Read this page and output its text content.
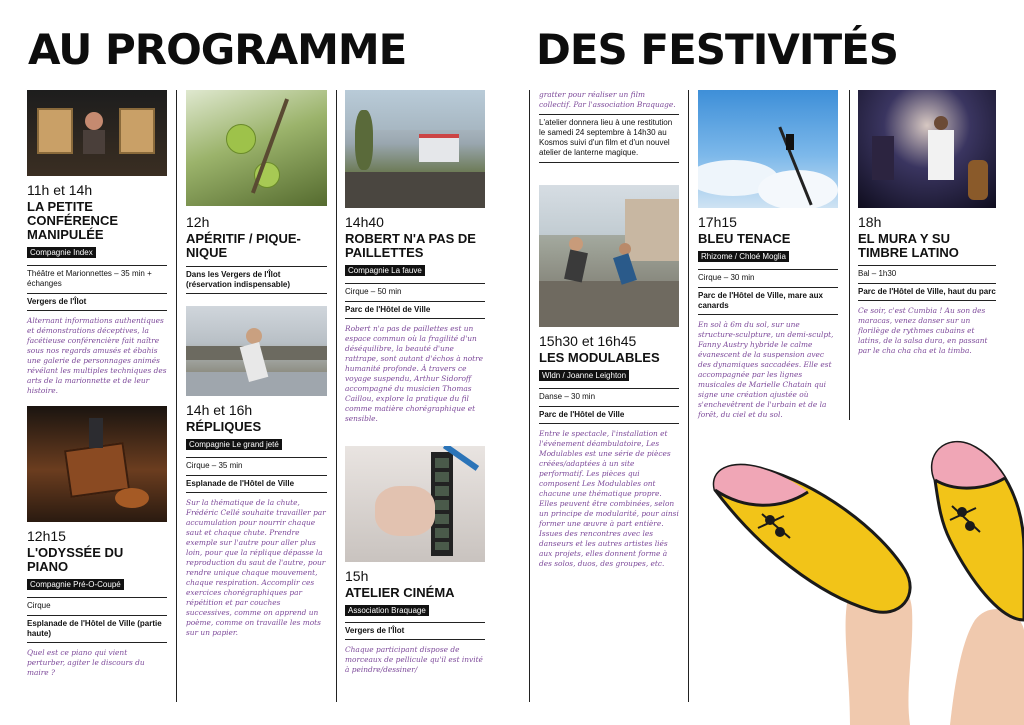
AU PROGRAMME	DES FESTIVITÉS
11h et 14h
LA PETITE CONFÉRENCE MANIPULÉE
Compagnie Index
Théâtre et Marionnettes – 35 min + échanges
Vergers de l'Îlot
Alternant informations authentiques et démonstrations déceptives, la facétieuse conférencière fait naître sous nos regards amusés et ébahis une galerie de personnages animés révélant les multiples techniques des arts de la marionnette et de leur histoire.
12h15
L'ODYSSÉE DU PIANO
Compagnie Pré-O-Coupé
Cirque
Esplanade de l'Hôtel de Ville (partie haute)
Quel est ce piano qui vient perturber, agiter le discours du maire ?
12h
APÉRITIF / PIQUE-NIQUE
Dans les Vergers de l'Îlot (réservation indispensable)
14h et 16h
RÉPLIQUES
Compagnie Le grand jeté
Cirque – 35 min
Esplanade de l'Hôtel de Ville
Sur la thématique de la chute, Frédéric Cellé souhaite travailler par accumulation pour nourrir chaque saut et chaque chute. Prendre exemple sur l'autre pour aller plus loin, pour que la réplique dépasse la reproduction du saut de l'autre, pour rendre unique chaque mouvement, chaque respiration. Accomplir ces exercices chorégraphiques par répétition et par couches successives, comme on apprend un poème, comme on travaille les mots sur un papier.
14h40
ROBERT N'A PAS DE PAILLETTES
Compagnie La fauve
Cirque – 50 min
Parc de l'Hôtel de Ville
Robert n'a pas de paillettes est un espace commun où la fragilité d'un déséquilibre, la beauté d'une rattrape, sont autant d'échos à notre humanité profonde. À travers ce voyage suspendu, Arthur Sidoroff accompagné du musicien Thomas Caillou, explore la pratique du fil comme matière chorégraphique et sensible.
15h
ATELIER CINÉMA
Association Braquage
Vergers de l'Îlot
Chaque participant dispose de morceaux de pellicule qu'il est invité à peindre/dessiner/
gratter pour réaliser un film collectif. Par l'association Braquage.
L'atelier donnera lieu à une restitution le samedi 24 septembre à 14h30 au Kosmos suivi d'un film et d'un nouvel atelier de lanterne magique.
15h30 et 16h45
LES MODULABLES
Wldn / Joanne Leighton
Danse – 30 min
Parc de l'Hôtel de Ville
Entre le spectacle, l'installation et l'événement déambulatoire, Les Modulables est une série de pièces créées/adaptées à un site performatif. Les pièces qui composent Les Modulables ont chacune une thématique propre. Elles peuvent être combinées, selon un principe de modularité, pour ainsi former une œuvre à part entière. Issues des rencontres avec les danseurs et les autres artistes liés aux projets, elles donnent forme à des solos, duos, des groupes, etc.
17h15
BLEU TENACE
Rhizome / Chloé Moglia
Cirque – 30 min
Parc de l'Hôtel de Ville, mare aux canards
En sol à 6m du sol, sur une structure-sculpture, un demi-sculpt, Fanny Austry hybride le calme évanescent de la suspension avec des dynamiques saccadées. Elle est accompagnée par les lignes musicales de Marielle Chatain qui signe une création ajustée où s'enchevêtrent de l'urbain et de la forêt, du ciel et du sol.
18h
EL MURA Y SU TIMBRE LATINO
Bal – 1h30
Parc de l'Hôtel de Ville, haut du parc
Ce soir, c'est Cumbia ! Au son des maracas, venez danser sur un florilège de rythmes cubains et latins, de la salsa dura, en passant par le cha cha cha et la timba.
